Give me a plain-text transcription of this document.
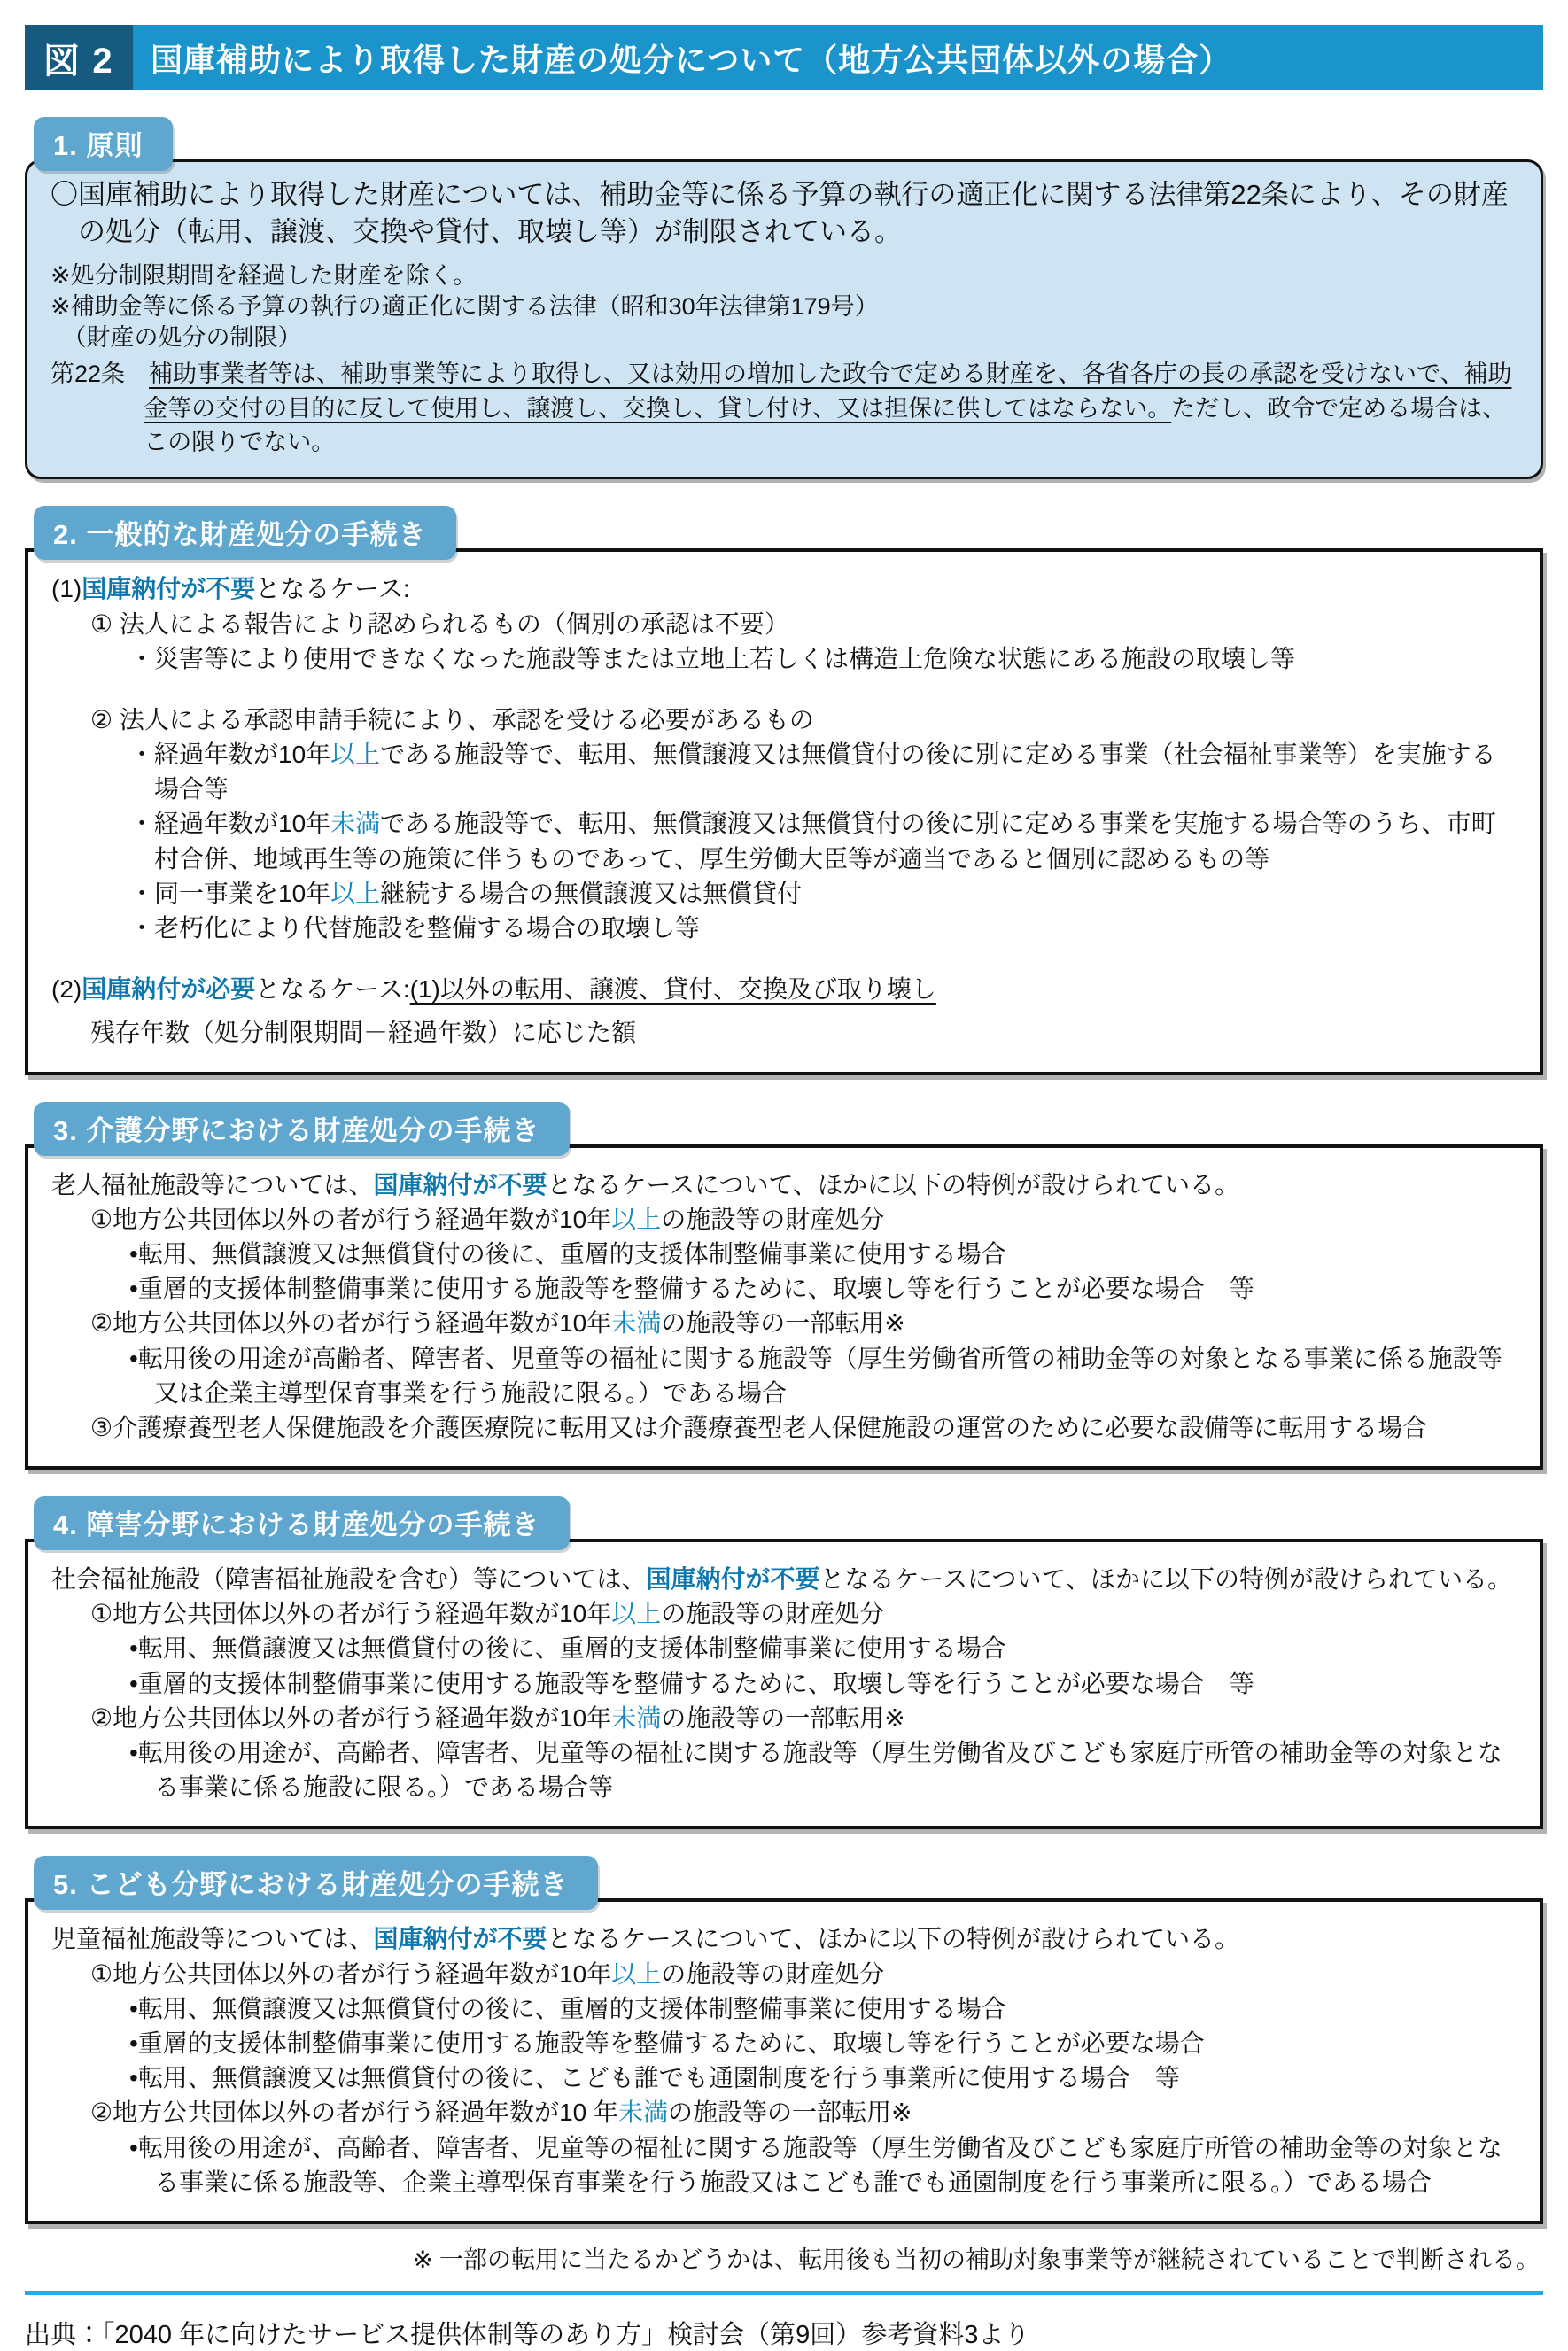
図 2	国庫補助により取得した財産の処分について（地方公共団体以外の場合）
1. 原則
〇国庫補助により取得した財産については、補助金等に係る予算の執行の適正化に関する法律第22条により、その財産の処分（転用、譲渡、交換や貸付、取壊し等）が制限されている。
※処分制限期間を経過した財産を除く。
※補助金等に係る予算の執行の適正化に関する法律（昭和30年法律第179号）
　（財産の処分の制限）
第22条　補助事業者等は、補助事業等により取得し、又は効用の増加した政令で定める財産を、各省各庁の長の承認を受けないで、補助金等の交付の目的に反して使用し、譲渡し、交換し、貸し付け、又は担保に供してはならない。ただし、政令で定める場合は、この限りでない。
2. 一般的な財産処分の手続き
(1)国庫納付が不要となるケース:
① 法人による報告により認められるもの（個別の承認は不要）
・災害等により使用できなくなった施設等または立地上若しくは構造上危険な状態にある施設の取壊し等
② 法人による承認申請手続により、承認を受ける必要があるもの
・経過年数が10年以上である施設等で、転用、無償譲渡又は無償貸付の後に別に定める事業（社会福祉事業等）を実施する場合等
・経過年数が10年未満である施設等で、転用、無償譲渡又は無償貸付の後に別に定める事業を実施する場合等のうち、市町村合併、地域再生等の施策に伴うものであって、厚生労働大臣等が適当であると個別に認めるもの等
・同一事業を10年以上継続する場合の無償譲渡又は無償貸付
・老朽化により代替施設を整備する場合の取壊し等
(2)国庫納付が必要となるケース:(1)以外の転用、譲渡、貸付、交換及び取り壊し
残存年数（処分制限期間－経過年数）に応じた額
3. 介護分野における財産処分の手続き
老人福祉施設等については、国庫納付が不要となるケースについて、ほかに以下の特例が設けられている。
①地方公共団体以外の者が行う経過年数が10年以上の施設等の財産処分
•転用、無償譲渡又は無償貸付の後に、重層的支援体制整備事業に使用する場合
•重層的支援体制整備事業に使用する施設等を整備するために、取壊し等を行うことが必要な場合　等
②地方公共団体以外の者が行う経過年数が10年未満の施設等の一部転用※
•転用後の用途が高齢者、障害者、児童等の福祉に関する施設等（厚生労働省所管の補助金等の対象となる事業に係る施設等又は企業主導型保育事業を行う施設に限る。）である場合
③介護療養型老人保健施設を介護医療院に転用又は介護療養型老人保健施設の運営のために必要な設備等に転用する場合
4. 障害分野における財産処分の手続き
社会福祉施設（障害福祉施設を含む）等については、国庫納付が不要となるケースについて、ほかに以下の特例が設けられている。
①地方公共団体以外の者が行う経過年数が10年以上の施設等の財産処分
•転用、無償譲渡又は無償貸付の後に、重層的支援体制整備事業に使用する場合
•重層的支援体制整備事業に使用する施設等を整備するために、取壊し等を行うことが必要な場合　等
②地方公共団体以外の者が行う経過年数が10年未満の施設等の一部転用※
•転用後の用途が、高齢者、障害者、児童等の福祉に関する施設等（厚生労働省及びこども家庭庁所管の補助金等の対象となる事業に係る施設に限る。）である場合等
5. こども分野における財産処分の手続き
児童福祉施設等については、国庫納付が不要となるケースについて、ほかに以下の特例が設けられている。
①地方公共団体以外の者が行う経過年数が10年以上の施設等の財産処分
•転用、無償譲渡又は無償貸付の後に、重層的支援体制整備事業に使用する場合
•重層的支援体制整備事業に使用する施設等を整備するために、取壊し等を行うことが必要な場合
•転用、無償譲渡又は無償貸付の後に、こども誰でも通園制度を行う事業所に使用する場合　等
②地方公共団体以外の者が行う経過年数が10 年未満の施設等の一部転用※
•転用後の用途が、高齢者、障害者、児童等の福祉に関する施設等（厚生労働省及びこども家庭庁所管の補助金等の対象となる事業に係る施設等、企業主導型保育事業を行う施設又はこども誰でも通園制度を行う事業所に限る。）である場合
※ 一部の転用に当たるかどうかは、転用後も当初の補助対象事業等が継続されていることで判断される。
出典：「2040 年に向けたサービス提供体制等のあり方」検討会（第9回）参考資料3より
